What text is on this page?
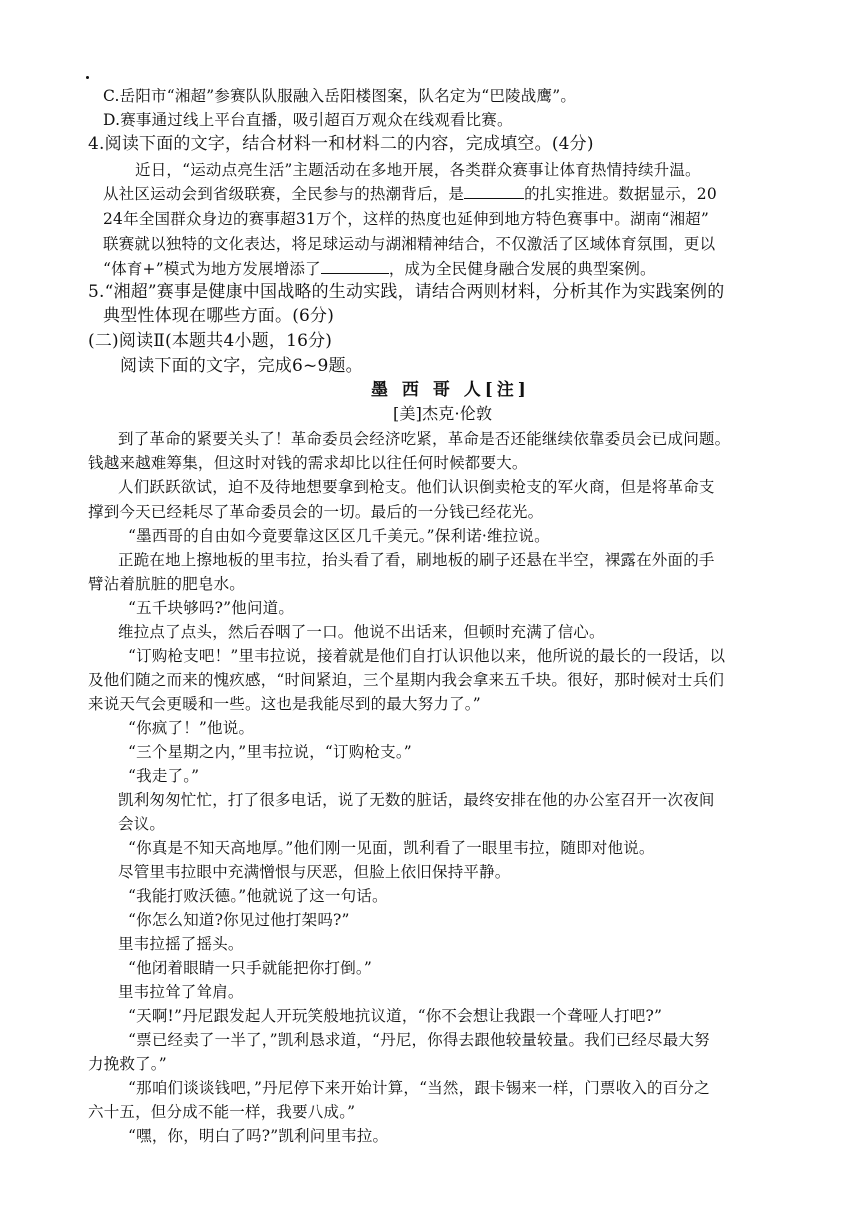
C.岳阳市“湘超”参赛队队服融入岳阳楼图案，队名定为“巴陵战鹰”。
D.赛事通过线上平台直播，吸引超百万观众在线观看比赛。
4.阅读下面的文字，结合材料一和材料二的内容，完成填空。(4分)
近日，“运动点亮生活”主题活动在多地开展，各类群众赛事让体育热情持续升温。
从社区运动会到省级联赛，全民参与的热潮背后，是	的扎实推进。数据显示，20
24年全国群众身边的赛事超31万个，这样的热度也延伸到地方特色赛事中。湖南“湘超”
联赛就以独特的文化表达，将足球运动与湖湘精神结合，不仅激活了区域体育氛围，更以
“体育+”模式为地方发展增添了	，成为全民健身融合发展的典型案例。
5.“湘超”赛事是健康中国战略的生动实践，请结合两则材料，分析其作为实践案例的
典型性体现在哪些方面。(6分)
(二)阅读Ⅱ(本题共4小题，16分)
阅读下面的文字，完成6~9题。
墨 西 哥 人[注]
[美]杰克·伦敦
到了革命的紧要关头了！革命委员会经济吃紧，革命是否还能继续依靠委员会已成问题。
钱越来越难筹集，但这时对钱的需求却比以往任何时候都要大。
人们跃跃欲试，迫不及待地想要拿到枪支。他们认识倒卖枪支的军火商，但是将革命支
撑到今天已经耗尽了革命委员会的一切。最后的一分钱已经花光。
“墨西哥的自由如今竟要靠这区区几千美元。”保利诺·维拉说。
正跪在地上擦地板的里韦拉，抬头看了看，刷地板的刷子还悬在半空，裸露在外面的手
臂沾着肮脏的肥皂水。
“五千块够吗?”他问道。
维拉点了点头，然后吞咽了一口。他说不出话来，但顿时充满了信心。
“订购枪支吧！”里韦拉说，接着就是他们自打认识他以来，他所说的最长的一段话，以
及他们随之而来的愧疚感，“时间紧迫，三个星期内我会拿来五千块。很好，那时候对士兵们
来说天气会更暖和一些。这也是我能尽到的最大努力了。”
“你疯了！”他说。
“三个星期之内，”里韦拉说，“订购枪支。”
“我走了。”
凯利匆匆忙忙，打了很多电话，说了无数的脏话，最终安排在他的办公室召开一次夜间
会议。
“你真是不知天高地厚。”他们刚一见面，凯利看了一眼里韦拉，随即对他说。
尽管里韦拉眼中充满憎恨与厌恶，但脸上依旧保持平静。
“我能打败沃德。”他就说了这一句话。
“你怎么知道?你见过他打架吗?”
里韦拉摇了摇头。
“他闭着眼睛一只手就能把你打倒。”
里韦拉耸了耸肩。
“天啊!”丹尼跟发起人开玩笑般地抗议道，“你不会想让我跟一个聋哑人打吧?”
“票已经卖了一半了，”凯利恳求道，“丹尼，你得去跟他较量较量。我们已经尽最大努
力挽救了。”
“那咱们谈谈钱吧，”丹尼停下来开始计算，“当然，跟卡锡来一样，门票收入的百分之
六十五，但分成不能一样，我要八成。”
“嘿，你，明白了吗?”凯利问里韦拉。
